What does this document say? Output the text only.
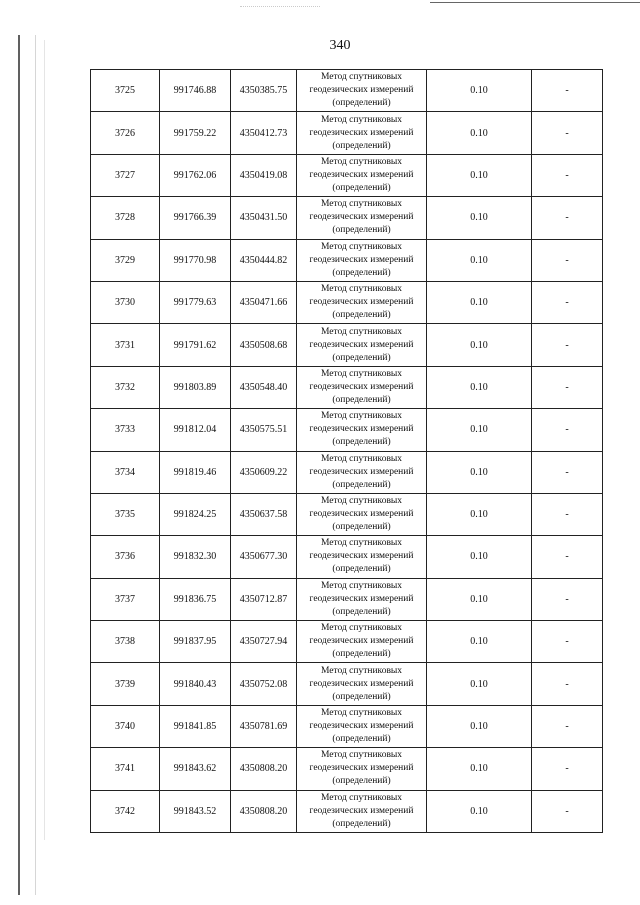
340
3725	991746.88	4350385.75	Метод спутниковых
геодезических измерений
(определений)	0.10	-
3726	991759.22	4350412.73	Метод спутниковых
геодезических измерений
(определений)	0.10	-
3727	991762.06	4350419.08	Метод спутниковых
геодезических измерений
(определений)	0.10	-
3728	991766.39	4350431.50	Метод спутниковых
геодезических измерений
(определений)	0.10	-
3729	991770.98	4350444.82	Метод спутниковых
геодезических измерений
(определений)	0.10	-
3730	991779.63	4350471.66	Метод спутниковых
геодезических измерений
(определений)	0.10	-
3731	991791.62	4350508.68	Метод спутниковых
геодезических измерений
(определений)	0.10	-
3732	991803.89	4350548.40	Метод спутниковых
геодезических измерений
(определений)	0.10	-
3733	991812.04	4350575.51	Метод спутниковых
геодезических измерений
(определений)	0.10	-
3734	991819.46	4350609.22	Метод спутниковых
геодезических измерений
(определений)	0.10	-
3735	991824.25	4350637.58	Метод спутниковых
геодезических измерений
(определений)	0.10	-
3736	991832.30	4350677.30	Метод спутниковых
геодезических измерений
(определений)	0.10	-
3737	991836.75	4350712.87	Метод спутниковых
геодезических измерений
(определений)	0.10	-
3738	991837.95	4350727.94	Метод спутниковых
геодезических измерений
(определений)	0.10	-
3739	991840.43	4350752.08	Метод спутниковых
геодезических измерений
(определений)	0.10	-
3740	991841.85	4350781.69	Метод спутниковых
геодезических измерений
(определений)	0.10	-
3741	991843.62	4350808.20	Метод спутниковых
геодезических измерений
(определений)	0.10	-
3742	991843.52	4350808.20	Метод спутниковых
геодезических измерений
(определений)	0.10	-
